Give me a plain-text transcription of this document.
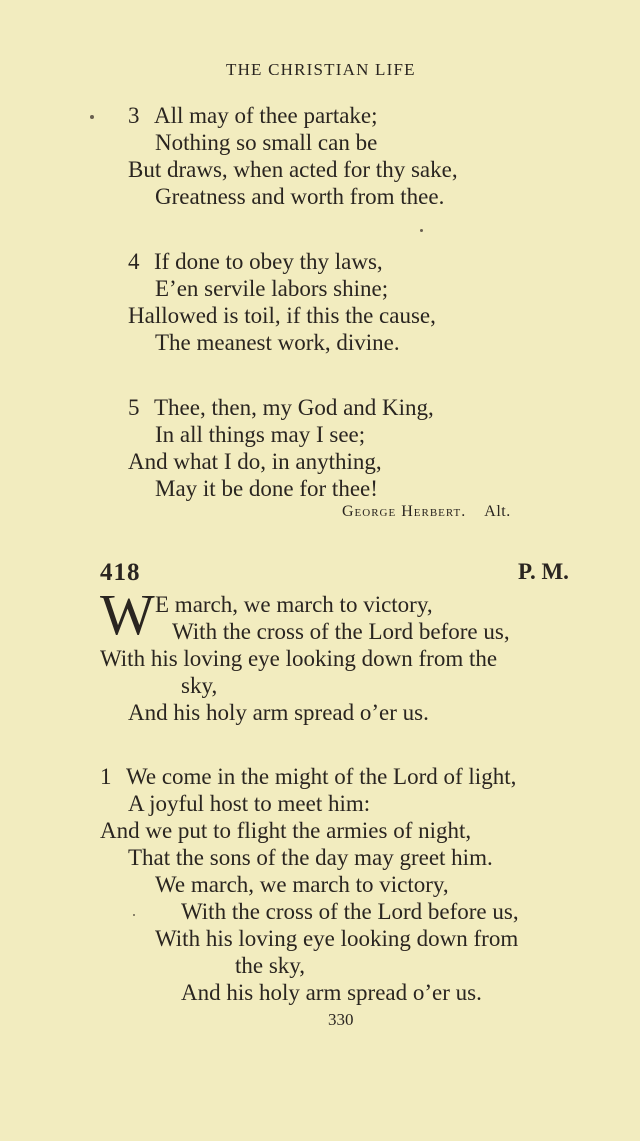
THE CHRISTIAN LIFE
3 All may of thee partake;
Nothing so small can be
But draws, when acted for thy sake,
Greatness and worth from thee.
4 If done to obey thy laws,
E’en servile labors shine;
Hallowed is toil, if this the cause,
The meanest work, divine.
5 Thee, then, my God and King,
In all things may I see;
And what I do, in anything,
May it be done for thee!
George Herbert. Alt.
418	P. M.
W E march, we march to victory,
With the cross of the Lord before us,
With his loving eye looking down from the
sky,
And his holy arm spread o’er us.
1 We come in the might of the Lord of light,
A joyful host to meet him:
And we put to flight the armies of night,
That the sons of the day may greet him.
We march, we march to victory,
With the cross of the Lord before us,
With his loving eye looking down from
the sky,
And his holy arm spread o’er us.
330
